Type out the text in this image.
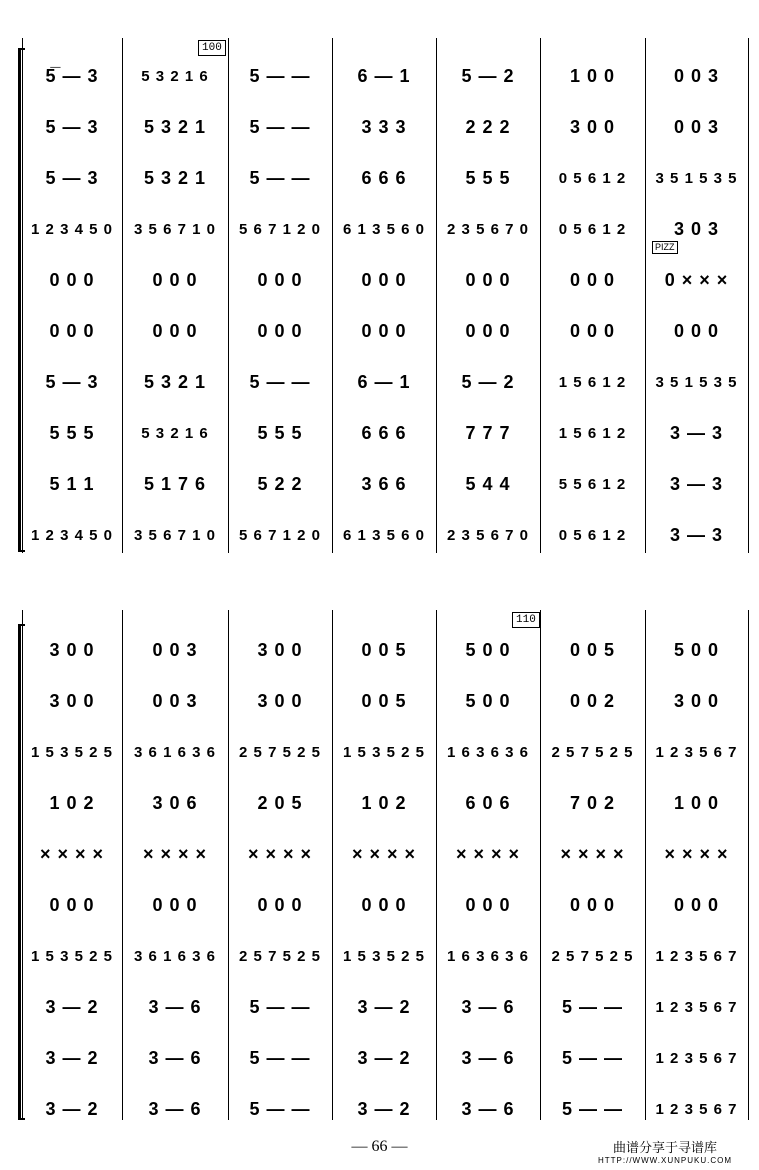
100
PIZZ
5̅ — 3	5 3 2 1 6	5 — —	6 — 1	5 — 2	1 0 0	0 0 3
5 — 3	5 3 2 1	5 — —	3 3 3	2 2 2	3 0 0	0 0 3
5 — 3	5 3 2 1	5 — —	6 6 6	5 5 5	0 5 6 1 2	3 5 1 5 3 5
1 2 3 4 5 0	3 5 6 7 1 0	5 6 7 1 2 0	6 1 3 5 6 0	2 3 5 6 7 0	0 5 6 1 2	3 0 3
0 0 0	0 0 0	0 0 0	0 0 0	0 0 0	0 0 0	0 × × ×
0 0 0	0 0 0	0 0 0	0 0 0	0 0 0	0 0 0	0 0 0
5 — 3	5 3 2 1	5 — —	6 — 1	5 — 2	1 5 6 1 2	3 5 1 5 3 5
5 5 5	5 3 2 1 6	5 5 5	6 6 6	7 7 7	1 5 6 1 2	3 — 3
5 1 1	5 1 7 6	5 2 2	3 6 6	5 4 4	5 5 6 1 2	3 — 3
1 2 3 4 5 0	3 5 6 7 1 0	5 6 7 1 2 0	6 1 3 5 6 0	2 3 5 6 7 0	0 5 6 1 2	3 — 3
110
3 0 0	0 0 3	3 0 0	0 0 5	5 0 0	0 0 5	5 0 0
3 0 0	0 0 3	3 0 0	0 0 5	5 0 0	0 0 2	3 0 0
1 5 3 5 2 5	3 6 1 6 3 6	2 5 7 5 2 5	1 5 3 5 2 5	1 6 3 6 3 6	2 5 7 5 2 5	1 2 3 5 6 7
1 0 2	3 0 6	2 0 5	1 0 2	6 0 6	7 0 2	1 0 0
× × × ×	× × × ×	× × × ×	× × × ×	× × × ×	× × × ×	× × × ×
0 0 0	0 0 0	0 0 0	0 0 0	0 0 0	0 0 0	0 0 0
1 5 3 5 2 5	3 6 1 6 3 6	2 5 7 5 2 5	1 5 3 5 2 5	1 6 3 6 3 6	2 5 7 5 2 5	1 2 3 5 6 7
3 — 2	3 — 6	5 — —	3 — 2	3 — 6	5 — —	1 2 3 5 6 7
3 — 2	3 — 6	5 — —	3 — 2	3 — 6	5 — —	1 2 3 5 6 7
3 — 2	3 — 6	5 — —	3 — 2	3 — 6	5 — —	1 2 3 5 6 7
— 66 —	曲谱分享于寻谱库
HTTP://WWW.XUNPUKU.COM
